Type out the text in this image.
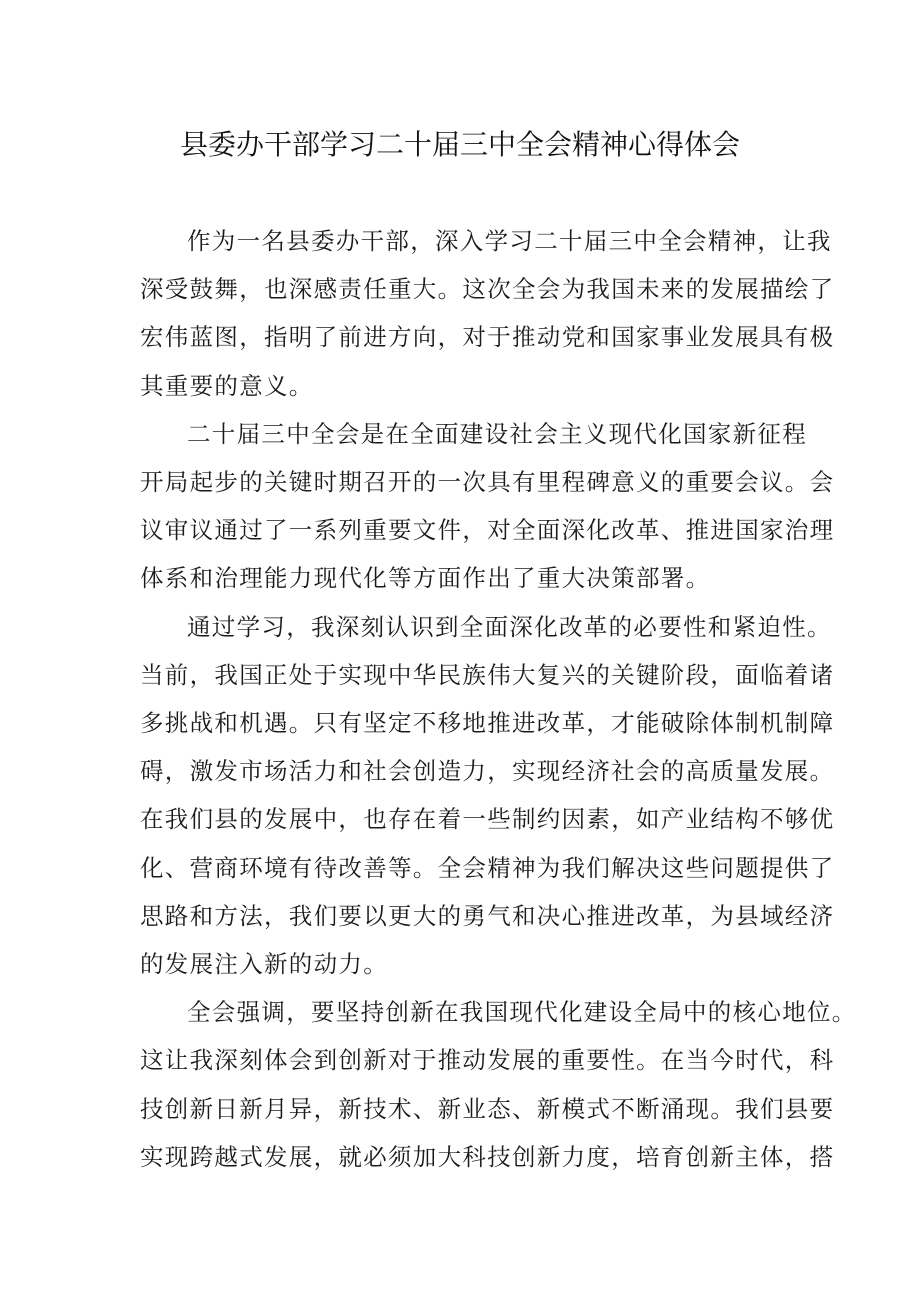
县委办干部学习二十届三中全会精神心得体会
作为一名县委办干部，深入学习二十届三中全会精神，让我
深受鼓舞，也深感责任重大。这次全会为我国未来的发展描绘了
宏伟蓝图，指明了前进方向，对于推动党和国家事业发展具有极
其重要的意义。
二十届三中全会是在全面建设社会主义现代化国家新征程
开局起步的关键时期召开的一次具有里程碑意义的重要会议。会
议审议通过了一系列重要文件，对全面深化改革、推进国家治理
体系和治理能力现代化等方面作出了重大决策部署。
通过学习，我深刻认识到全面深化改革的必要性和紧迫性。
当前，我国正处于实现中华民族伟大复兴的关键阶段，面临着诸
多挑战和机遇。只有坚定不移地推进改革，才能破除体制机制障
碍，激发市场活力和社会创造力，实现经济社会的高质量发展。
在我们县的发展中，也存在着一些制约因素，如产业结构不够优
化、营商环境有待改善等。全会精神为我们解决这些问题提供了
思路和方法，我们要以更大的勇气和决心推进改革，为县域经济
的发展注入新的动力。
全会强调，要坚持创新在我国现代化建设全局中的核心地位。
这让我深刻体会到创新对于推动发展的重要性。在当今时代，科
技创新日新月异，新技术、新业态、新模式不断涌现。我们县要
实现跨越式发展，就必须加大科技创新力度，培育创新主体，搭
